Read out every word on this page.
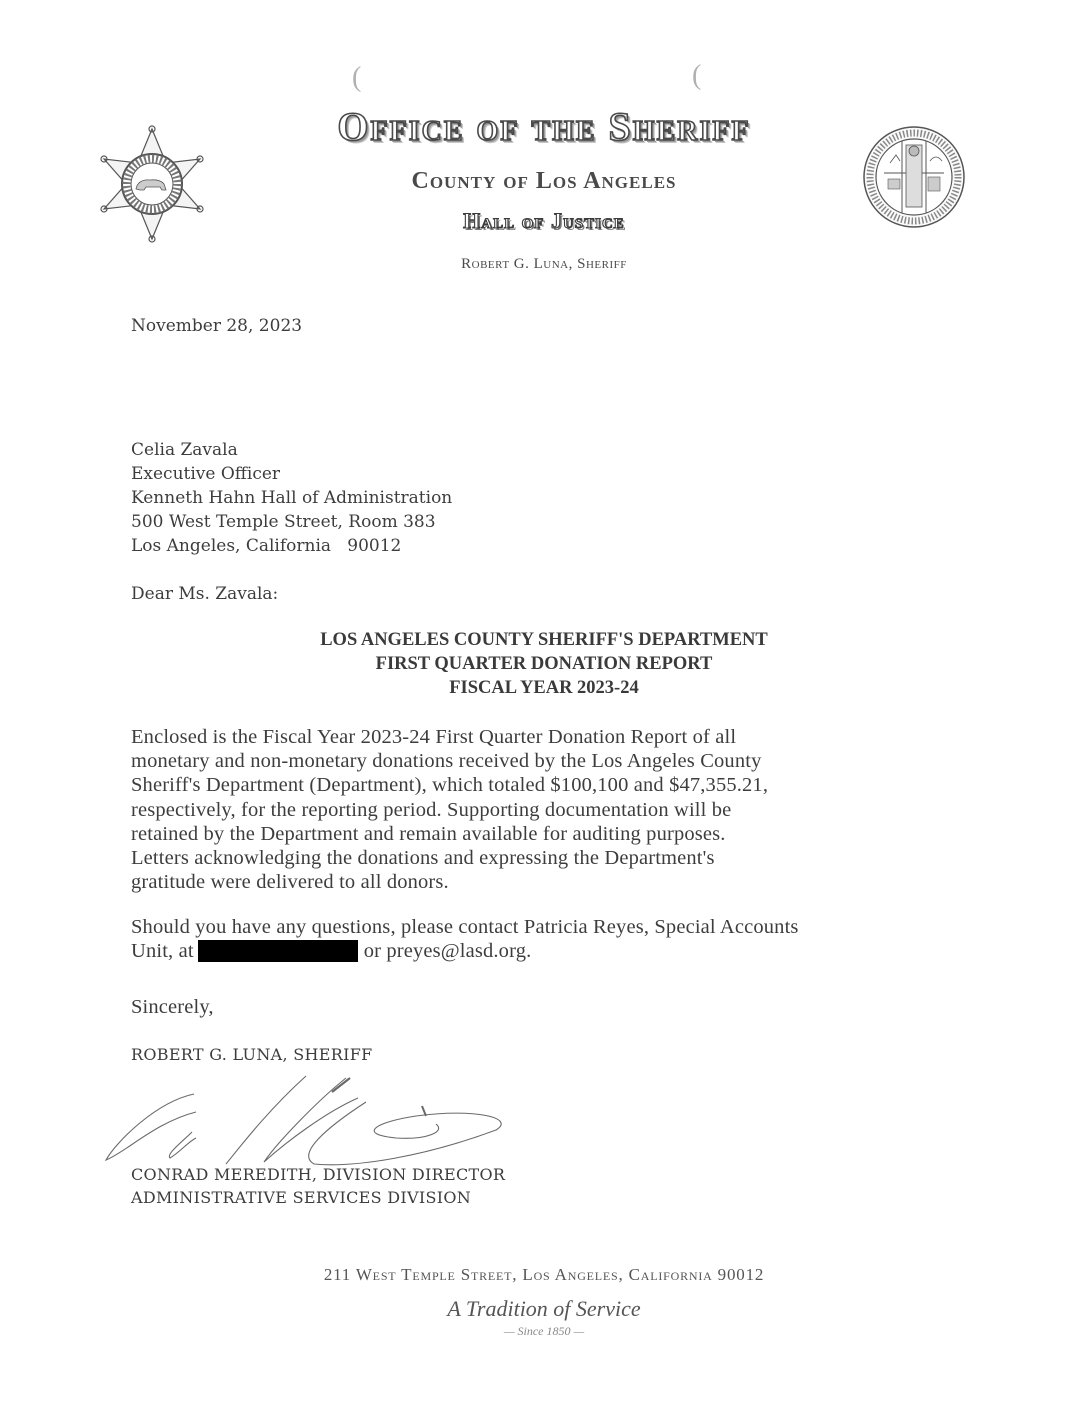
(	(
Office of the Sheriff
County of Los Angeles
Hall of Justice
Robert G. Luna, Sheriff
November 28, 2023
Celia Zavala
Executive Officer
Kenneth Hahn Hall of Administration
500 West Temple Street, Room 383
Los Angeles, California   90012
Dear Ms. Zavala:
LOS ANGELES COUNTY SHERIFF'S DEPARTMENT
FIRST QUARTER DONATION REPORT
FISCAL YEAR 2023-24
Enclosed is the Fiscal Year 2023-24 First Quarter Donation Report of all
monetary and non-monetary donations received by the Los Angeles County
Sheriff's Department (Department), which totaled $100,100 and $47,355.21,
respectively, for the reporting period. Supporting documentation will be
retained by the Department and remain available for auditing purposes.
Letters acknowledging the donations and expressing the Department's
gratitude were delivered to all donors.
Should you have any questions, please contact Patricia Reyes, Special Accounts
Unit, at	or preyes@lasd.org.
Sincerely,
ROBERT G. LUNA, SHERIFF
CONRAD MEREDITH, DIVISION DIRECTOR
ADMINISTRATIVE SERVICES DIVISION
211 West Temple Street, Los Angeles, California 90012
A Tradition of Service
— Since 1850 —
